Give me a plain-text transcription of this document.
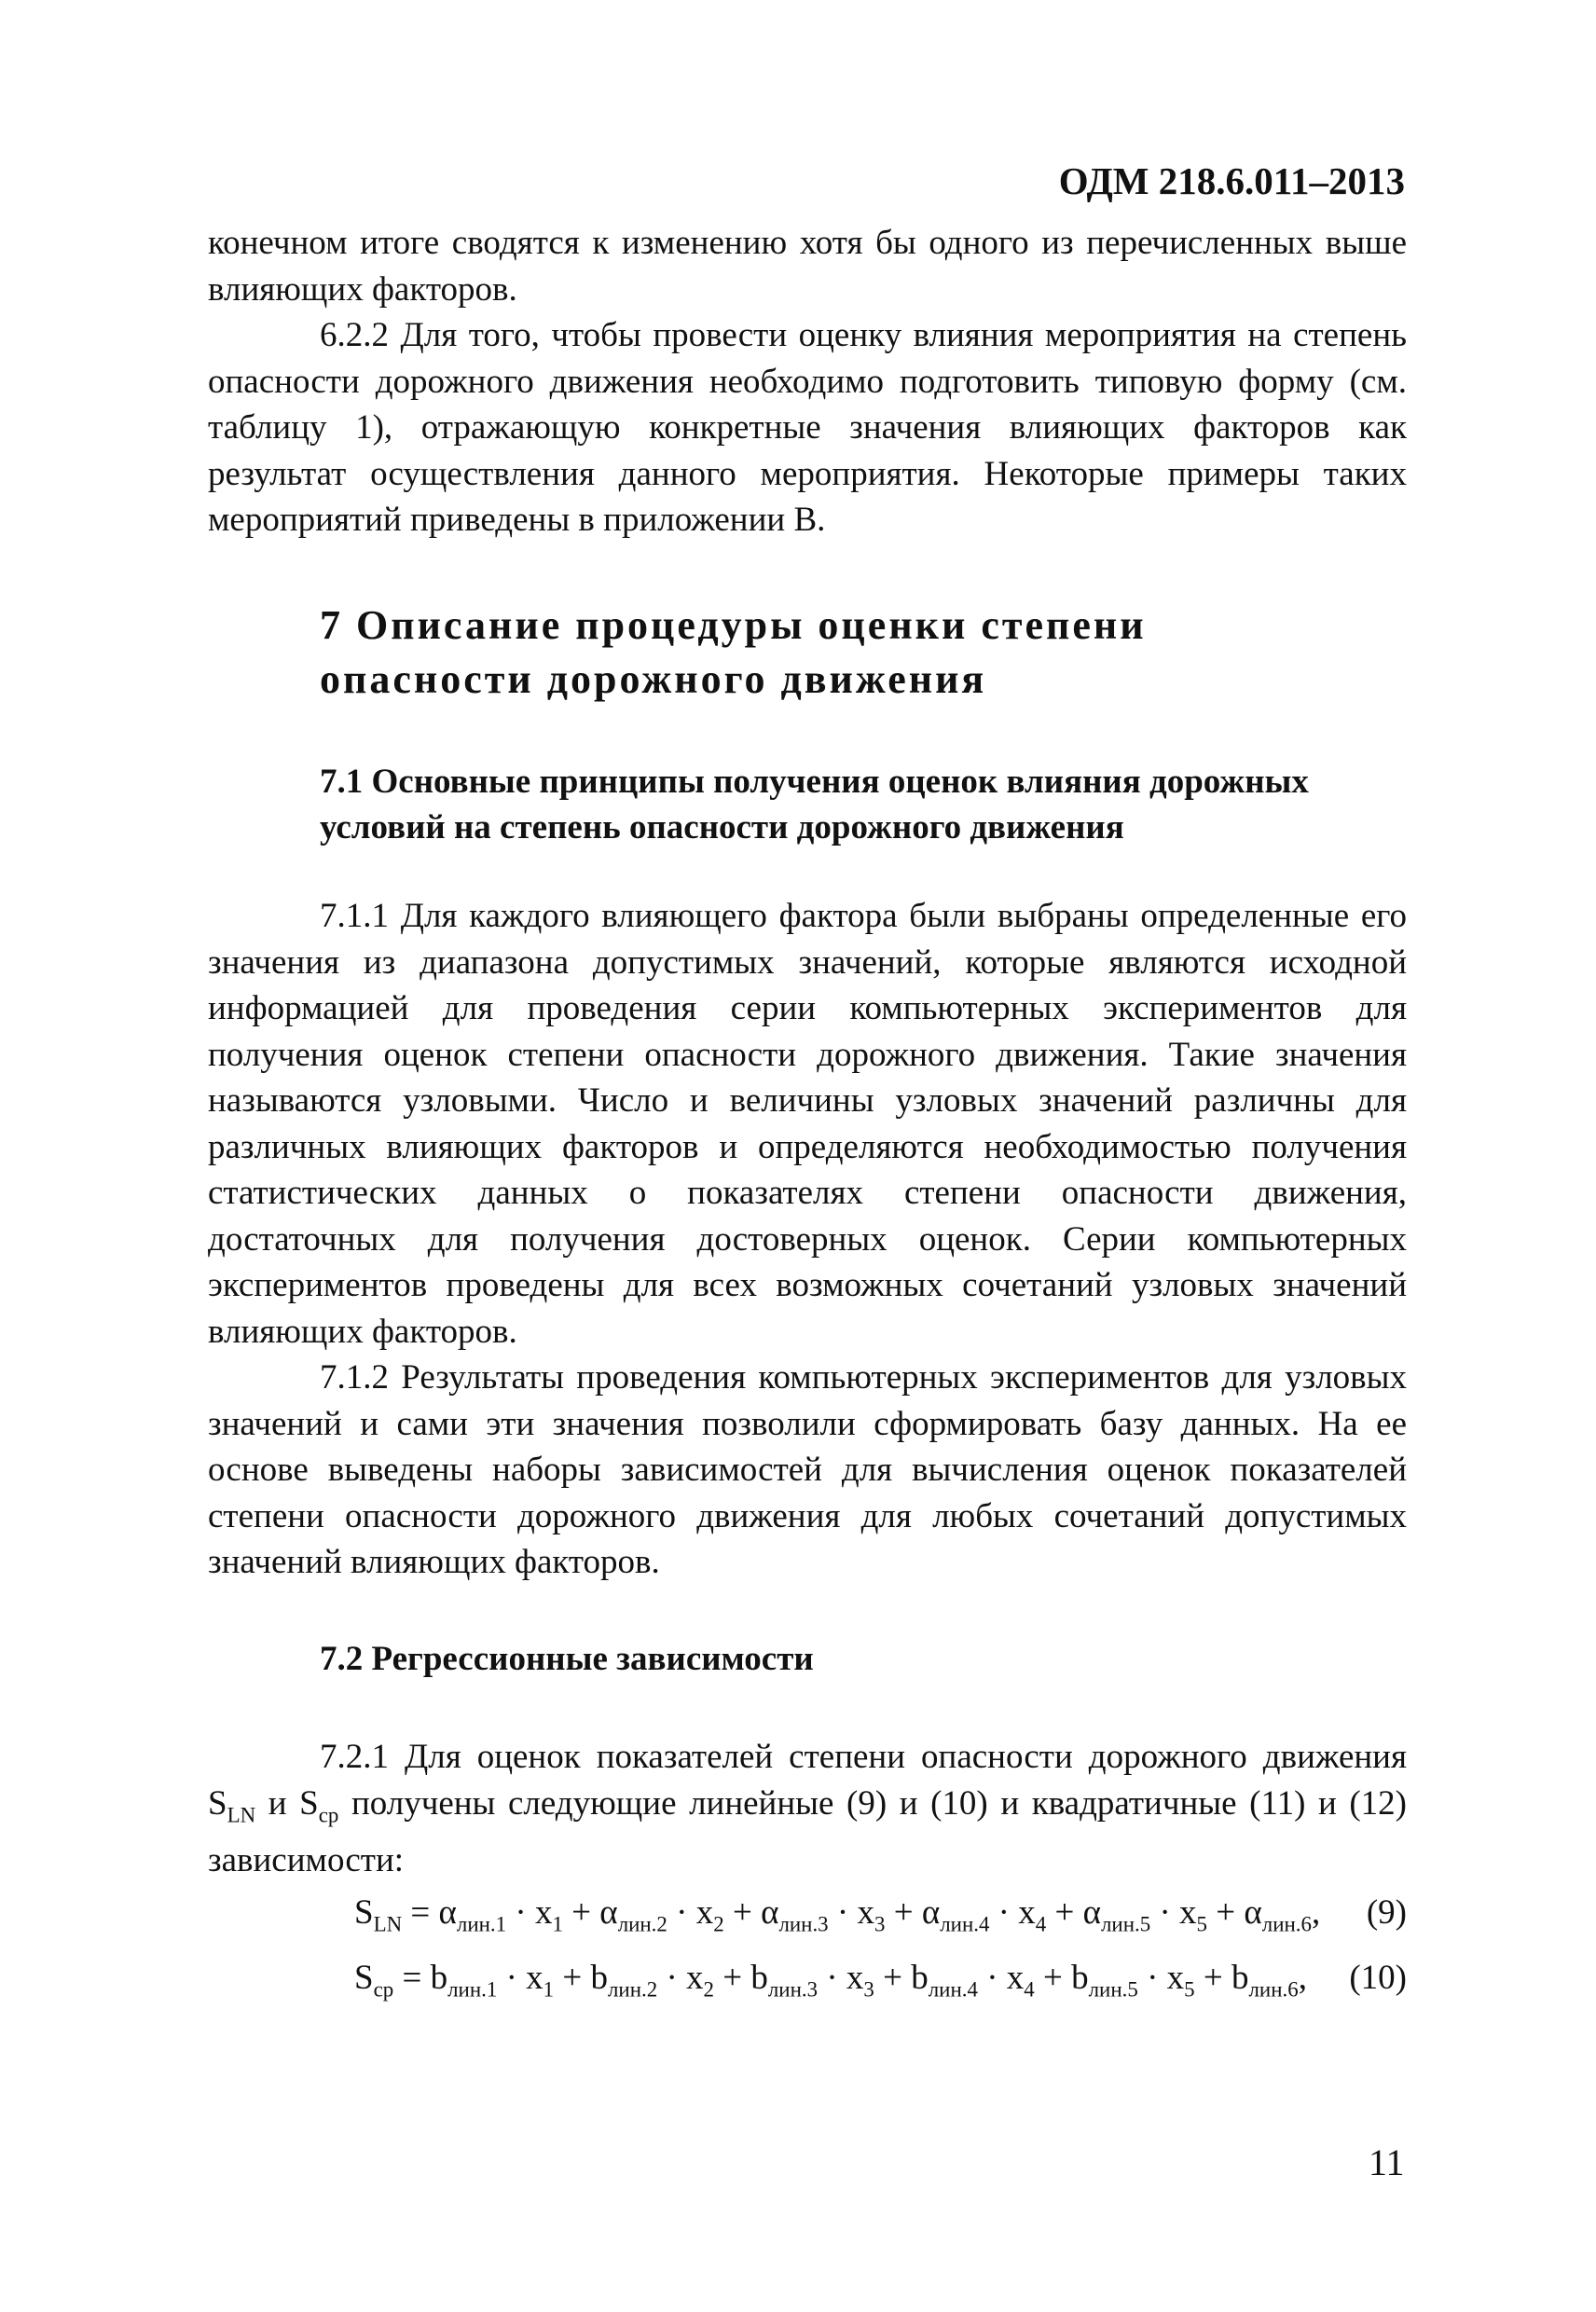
ОДМ 218.6.011–2013

конечном итоге сводятся к изменению хотя бы одного из перечисленных выше влияющих факторов.

6.2.2 Для того, чтобы провести оценку влияния мероприятия на степень опасности дорожного движения необходимо подготовить типовую форму (см. таблицу 1), отражающую конкретные значения влияющих факторов как результат осуществления данного мероприятия. Некоторые примеры таких мероприятий приведены в приложении В.

7 Описание процедуры оценки степени
опасности дорожного движения
7.1 Основные принципы получения оценок влияния дорожных условий на степень опасности дорожного движения

7.1.1 Для каждого влияющего фактора были выбраны определенные его значения из диапазона допустимых значений, которые являются исходной информацией для проведения серии компьютерных экспериментов для получения оценок степени опасности дорожного движения. Такие значения называются узловыми. Число и величины узловых значений различны для различных влияющих факторов и определяются необходимостью получения статистических данных о показателях степени опасности движения, достаточных для получения достоверных оценок. Серии компьютерных экспериментов проведены для всех возможных сочетаний узловых значений влияющих факторов.

7.1.2 Результаты проведения компьютерных экспериментов для узловых значений и сами эти значения позволили сформировать базу данных. На ее основе выведены наборы зависимостей для вычисления оценок показателей степени опасности дорожного движения для любых сочетаний допустимых значений влияющих факторов.

7.2 Регрессионные зависимости

7.2.1 Для оценок показателей степени опасности дорожного движения $S_{LN}$ и $S_{ср}$ получены следующие линейные (9) и (10) и квадратичные (11) и (12) зависимости:

$S_{LN} = \alpha_{лин.1} \cdot x_1 + \alpha_{лин.2} \cdot x_2 + \alpha_{лин.3} \cdot x_3 + \alpha_{лин.4} \cdot x_4 + \alpha_{лин.5} \cdot x_5 + \alpha_{лин.6}$, (9)
$S_{ср} = b_{лин.1} \cdot x_1 + b_{лин.2} \cdot x_2 + b_{лин.3} \cdot x_3 + b_{лин.4} \cdot x_4 + b_{лин.5} \cdot x_5 + b_{лин.6}$, (10)
11
